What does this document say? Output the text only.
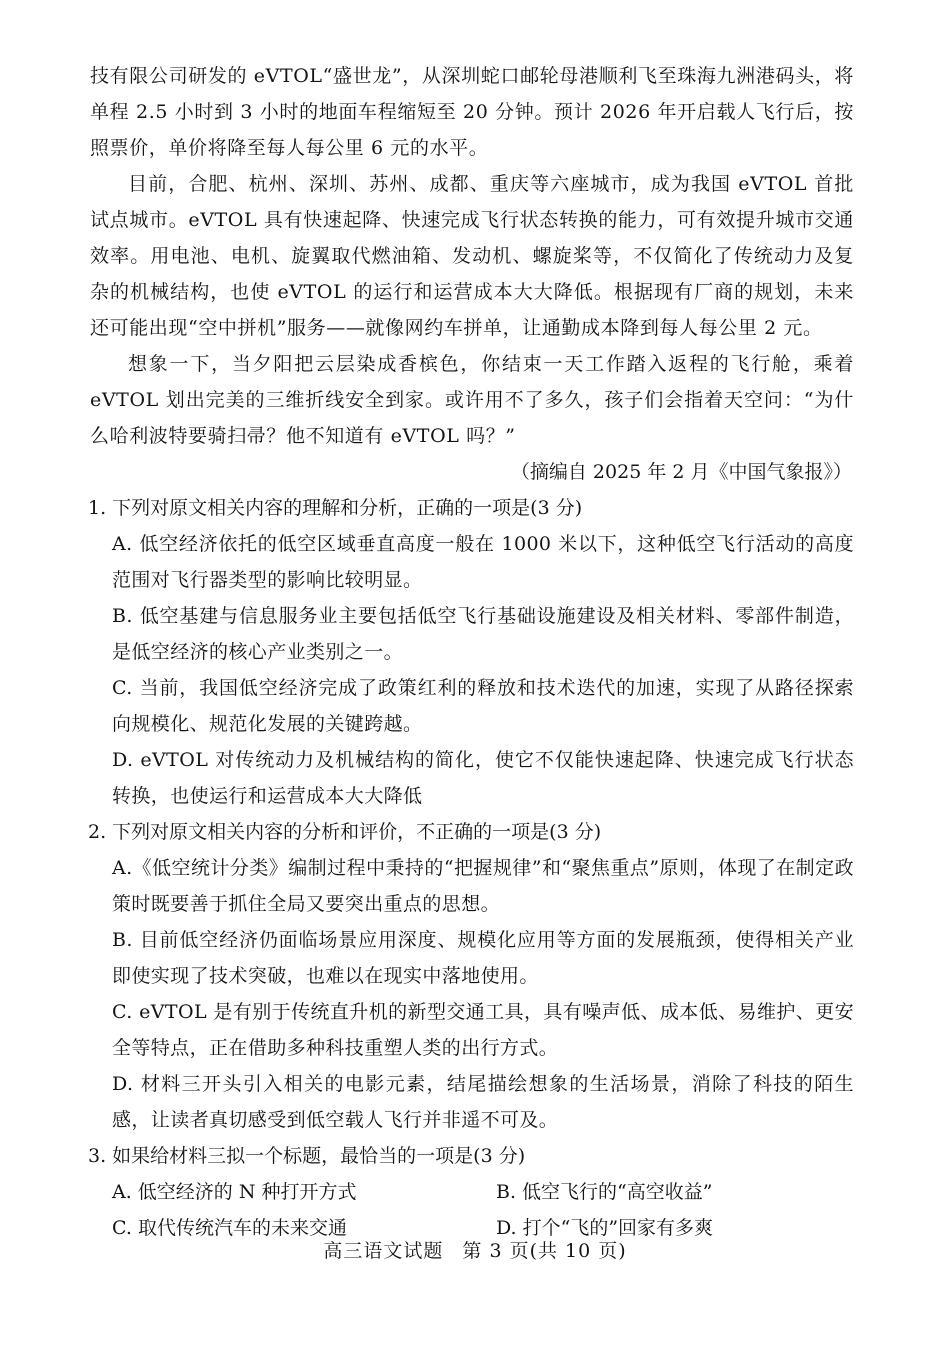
技有限公司研发的 eVTOL“盛世龙”，从深圳蛇口邮轮母港顺利飞至珠海九洲港码头，将单程 2.5 小时到 3 小时的地面车程缩短至 20 分钟。预计 2026 年开启载人飞行后，按照票价，单价将降至每人每公里 6 元的水平。

目前，合肥、杭州、深圳、苏州、成都、重庆等六座城市，成为我国 eVTOL 首批试点城市。eVTOL 具有快速起降、快速完成飞行状态转换的能力，可有效提升城市交通效率。用电池、电机、旋翼取代燃油箱、发动机、螺旋桨等，不仅简化了传统动力及复杂的机械结构，也使 eVTOL 的运行和运营成本大大降低。根据现有厂商的规划，未来还可能出现“空中拼机”服务——就像网约车拼单，让通勤成本降到每人每公里 2 元。

想象一下，当夕阳把云层染成香槟色，你结束一天工作踏入返程的飞行舱，乘着eVTOL 划出完美的三维折线安全到家。或许用不了多久，孩子们会指着天空问：“为什么哈利波特要骑扫帚？他不知道有 eVTOL 吗？”

（摘编自 2025 年 2 月《中国气象报》）

1. 下列对原文相关内容的理解和分析，正确的一项是(3 分)

A. 低空经济依托的低空区域垂直高度一般在 1000 米以下，这种低空飞行活动的高度范围对飞行器类型的影响比较明显。

B. 低空基建与信息服务业主要包括低空飞行基础设施建设及相关材料、零部件制造，是低空经济的核心产业类别之一。

C. 当前，我国低空经济完成了政策红利的释放和技术迭代的加速，实现了从路径探索向规模化、规范化发展的关键跨越。

D. eVTOL 对传统动力及机械结构的简化，使它不仅能快速起降、快速完成飞行状态转换，也使运行和运营成本大大降低

2. 下列对原文相关内容的分析和评价，不正确的一项是(3 分)

A.《低空统计分类》编制过程中秉持的“把握规律”和“聚焦重点”原则，体现了在制定政策时既要善于抓住全局又要突出重点的思想。

B. 目前低空经济仍面临场景应用深度、规模化应用等方面的发展瓶颈，使得相关产业即使实现了技术突破，也难以在现实中落地使用。

C. eVTOL 是有别于传统直升机的新型交通工具，具有噪声低、成本低、易维护、更安全等特点，正在借助多种科技重塑人类的出行方式。

D. 材料三开头引入相关的电影元素，结尾描绘想象的生活场景，消除了科技的陌生感，让读者真切感受到低空载人飞行并非遥不可及。

3. 如果给材料三拟一个标题，最恰当的一项是(3 分)

A. 低空经济的 N 种打开方式	B. 低空飞行的“高空收益”
C. 取代传统汽车的未来交通	D. 打个“飞的”回家有多爽
高三语文试题 第 3 页(共 10 页)
